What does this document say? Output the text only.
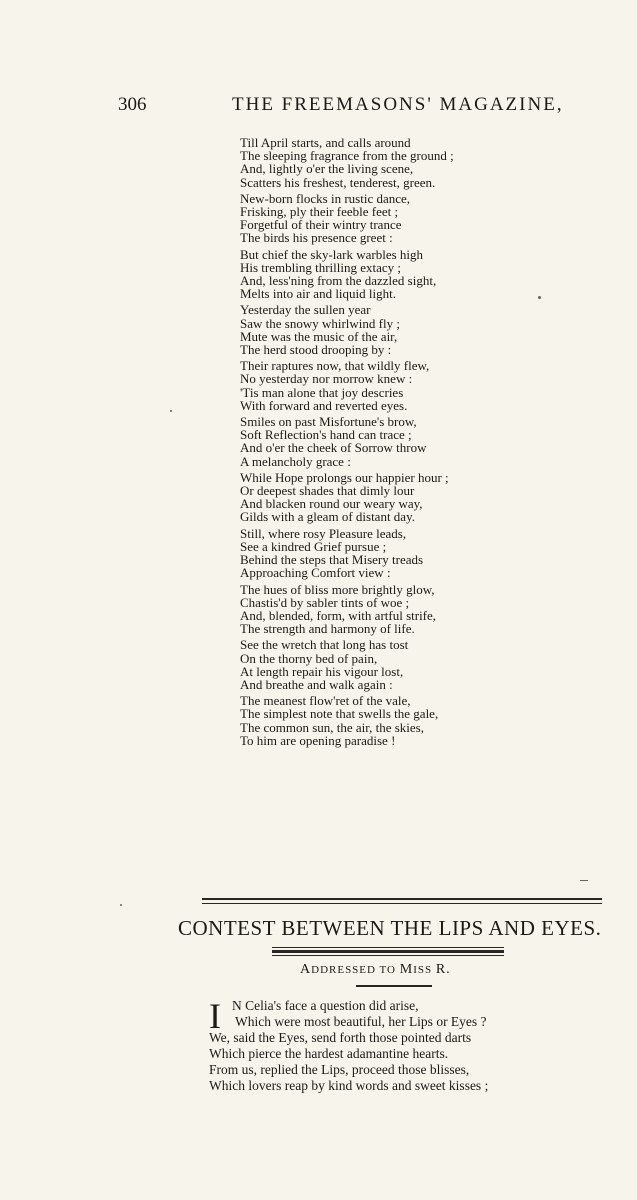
306	THE FREEMASONS' MAGAZINE,
Till April starts, and calls around
The sleeping fragrance from the ground ;
And, lightly o'er the living scene,
Scatters his freshest, tenderest, green.
New-born flocks in rustic dance,
Frisking, ply their feeble feet ;
Forgetful of their wintry trance
The birds his presence greet :
But chief the sky-lark warbles high
His trembling thrilling extacy ;
And, less'ning from the dazzled sight,
Melts into air and liquid light.
Yesterday the sullen year
Saw the snowy whirlwind fly ;
Mute was the music of the air,
The herd stood drooping by :
Their raptures now, that wildly flew,
No yesterday nor morrow knew :
'Tis man alone that joy descries
With forward and reverted eyes.
Smiles on past Misfortune's brow,
Soft Reflection's hand can trace ;
And o'er the cheek of Sorrow throw
A melancholy grace :
While Hope prolongs our happier hour ;
Or deepest shades that dimly lour
And blacken round our weary way,
Gilds with a gleam of distant day.
Still, where rosy Pleasure leads,
See a kindred Grief pursue ;
Behind the steps that Misery treads
Approaching Comfort view :
The hues of bliss more brightly glow,
Chastis'd by sabler tints of woe ;
And, blended, form, with artful strife,
The strength and harmony of life.
See the wretch that long has tost
On the thorny bed of pain,
At length repair his vigour lost,
And breathe and walk again :
The meanest flow'ret of the vale,
The simplest note that swells the gale,
The common sun, the air, the skies,
To him are opening paradise !
CONTEST BETWEEN THE LIPS AND EYES.
ADDRESSED TO MISS R.
I N Celia's face a question did arise,
Which were most beautiful, her Lips or Eyes ?
We, said the Eyes, send forth those pointed darts
Which pierce the hardest adamantine hearts.
From us, replied the Lips, proceed those blisses,
Which lovers reap by kind words and sweet kisses ;
